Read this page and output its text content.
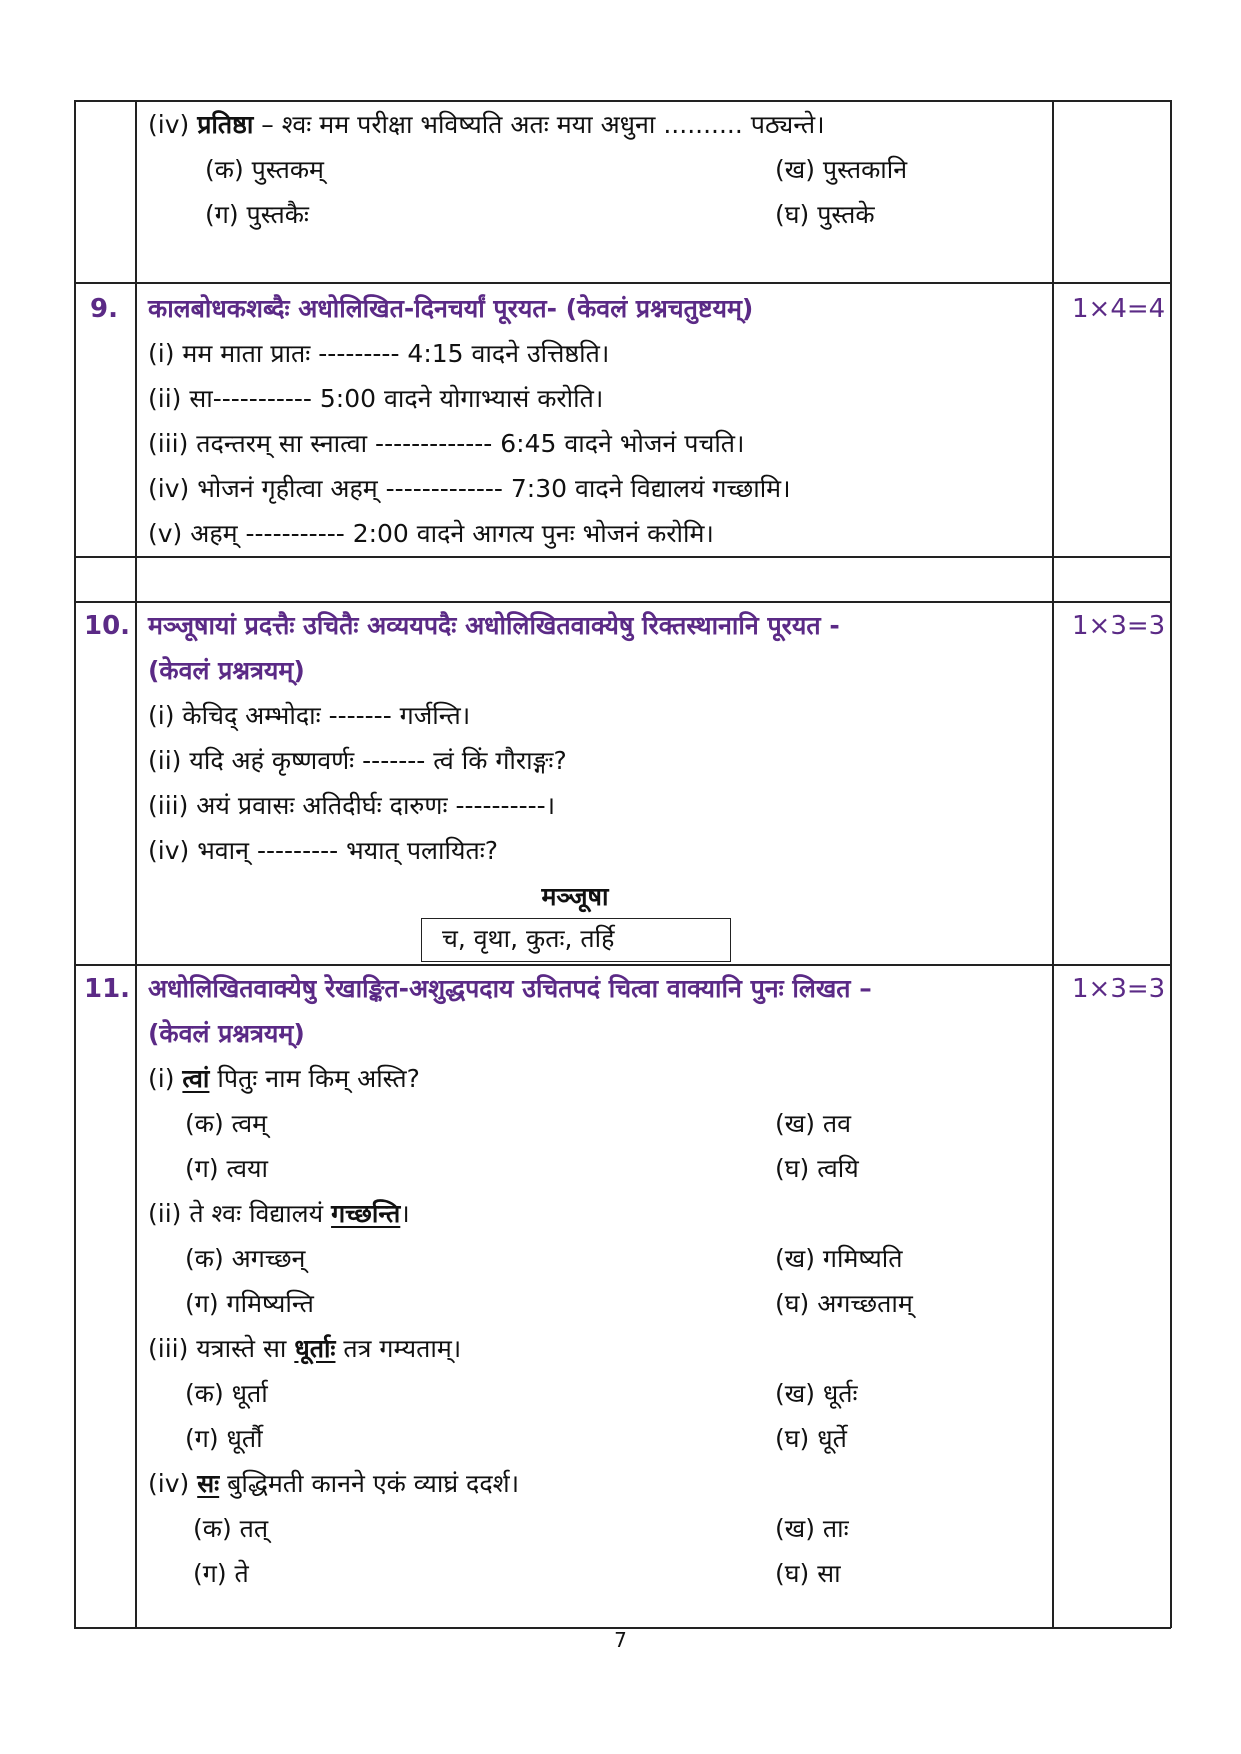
(iv) प्रतिष्ठा – श्वः मम परीक्षा भविष्यति अतः मया अधुना .......... पठ्यन्ते।
(क) पुस्तकम्	(ख) पुस्तकानि
(ग) पुस्तकैः	(घ) पुस्तके
9. कालबोधकशब्दैः अधोलिखित-दिनचर्यां पूरयत- (केवलं प्रश्नचतुष्टयम्)	1×4=4
(i) मम माता प्रातः --------- 4:15 वादने उत्तिष्ठति।
(ii) सा----------- 5:00 वादने योगाभ्यासं करोति।
(iii) तदन्तरम् सा स्नात्वा ------------- 6:45 वादने भोजनं पचति।
(iv) भोजनं गृहीत्वा अहम् ------------- 7:30 वादने विद्यालयं गच्छामि।
(v) अहम् ----------- 2:00 वादने आगत्य पुनः भोजनं करोमि।
10. मञ्जूषायां प्रदत्तैः उचितैः अव्ययपदैः अधोलिखितवाक्येषु रिक्तस्थानानि पूरयत -
(केवलं प्रश्नत्रयम्)
1×3=3
(i) केचिद् अम्भोदाः ------- गर्जन्ति।
(ii) यदि अहं कृष्णवर्णः ------- त्वं किं गौराङ्गः?
(iii) अयं प्रवासः अतिदीर्घः दारुणः ----------।
(iv) भवान् --------- भयात् पलायितः?
मञ्जूषा
च, वृथा, कुतः, तर्हि
11. अधोलिखितवाक्येषु रेखाङ्कित-अशुद्धपदाय उचितपदं चित्वा वाक्यानि पुनः लिखत –
(केवलं प्रश्नत्रयम्)
1×3=3
(i) त्वां पितुः नाम किम् अस्ति?
(क) त्वम्	(ख) तव
(ग) त्वया	(घ) त्वयि
(ii) ते श्वः विद्यालयं गच्छन्ति।
(क) अगच्छन्	(ख) गमिष्यति
(ग) गमिष्यन्ति	(घ) अगच्छताम्
(iii) यत्रास्ते सा धूर्ताः तत्र गम्यताम्।
(क) धूर्ता	(ख) धूर्तः
(ग) धूर्तौ	(घ) धूर्ते
(iv) सः बुद्धिमती कानने एकं व्याघ्रं ददर्श।
(क) तत्	(ख) ताः
(ग) ते	(घ) सा
7
